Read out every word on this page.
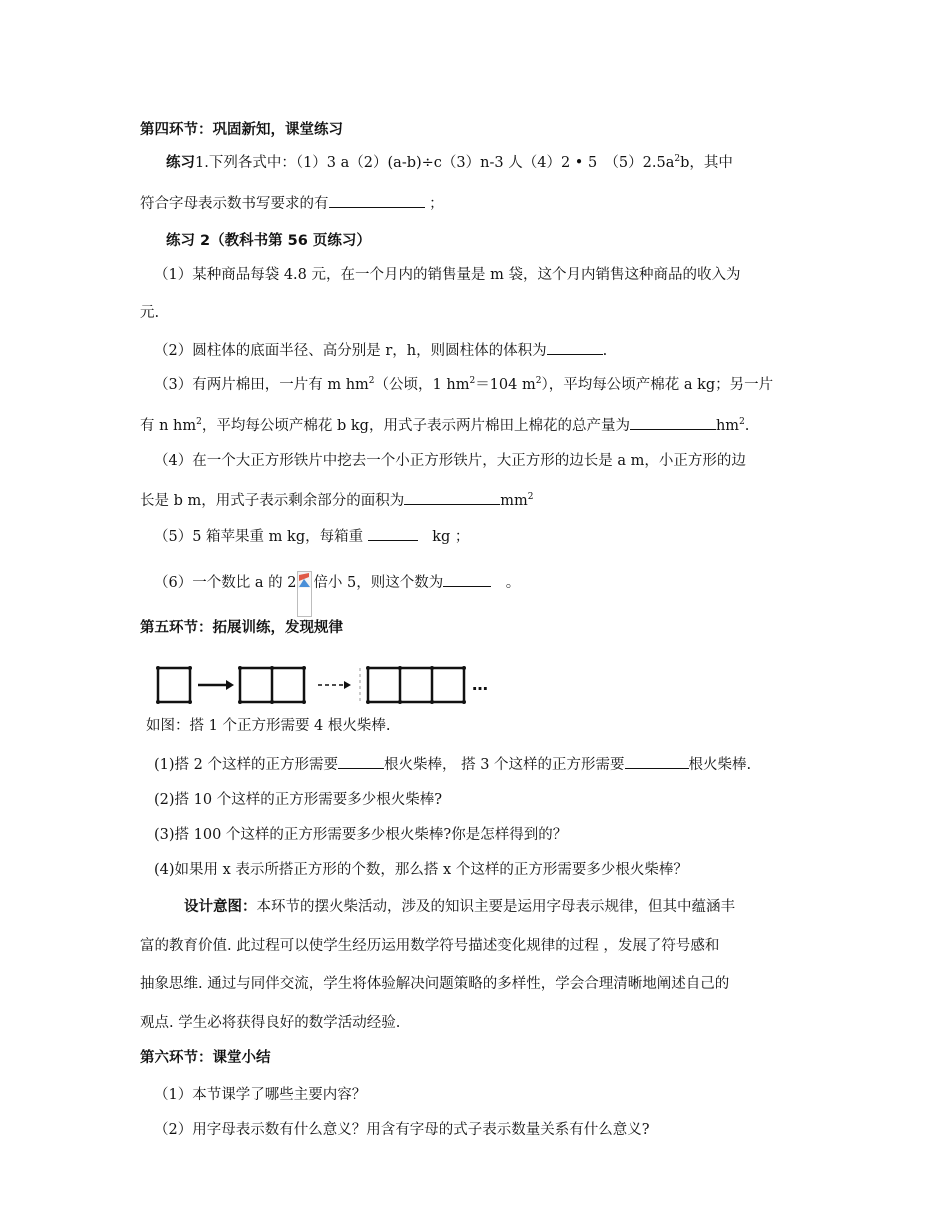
第四环节：巩固新知，课堂练习
练习1.下列各式中：（1）3 a（2）(a-b)÷c（3）n-3 人（4）2 • 5　$(5)2.5a^2b$，其中
符合字母表示数书写要求的有	；
练习 2（教科书第 56 页练习）
（1）某种商品每袋 4.8 元，在一个月内的销售量是 m 袋，这个月内销售这种商品的收入为
元.
（2）圆柱体的底面半径、高分别是 r，h，则圆柱体的体积为	.
（3）有两片棉田，一片有 m $hm^2$（公顷，1 $hm^2=104$ $m^2$），平均每公顷产棉花 a kg；另一片
有 n $hm^2$，平均每公顷产棉花 b kg，用式子表示两片棉田上棉花的总产量为	$hm^2$.
（4）在一个大正方形铁片中挖去一个小正方形铁片，大正方形的边长是 a m，小正方形的边
长是 b m，用式子表示剩余部分的面积为	$mm^2$
（5）5 箱苹果重 m kg，每箱重	　kg ；
（6）一个数比 a 的 2 倍小 5，则这个数为	　。
第五环节：拓展训练，发现规律
…
如图：搭 1 个正方形需要 4 根火柴棒.
(1)搭 2 个这样的正方形需要	根火柴棒， 搭 3 个这样的正方形需要	根火柴棒.
(2)搭 10 个这样的正方形需要多少根火柴棒?
(3)搭 100 个这样的正方形需要多少根火柴棒?你是怎样得到的？
(4)如果用 x 表示所搭正方形的个数，那么搭 x 个这样的正方形需要多少根火柴棒？
设计意图：本环节的摆火柴活动，涉及的知识主要是运用字母表示规律，但其中蕴涵丰
富的教育价值. 此过程可以使学生经历运用数学符号描述变化规律的过程 ，发展了符号感和
抽象思维. 通过与同伴交流，学生将体验解决问题策略的多样性，学会合理清晰地阐述自己的
观点. 学生必将获得良好的数学活动经验.
第六环节：课堂小结
（1）本节课学了哪些主要内容？
（2）用字母表示数有什么意义？用含有字母的式子表示数量关系有什么意义?
